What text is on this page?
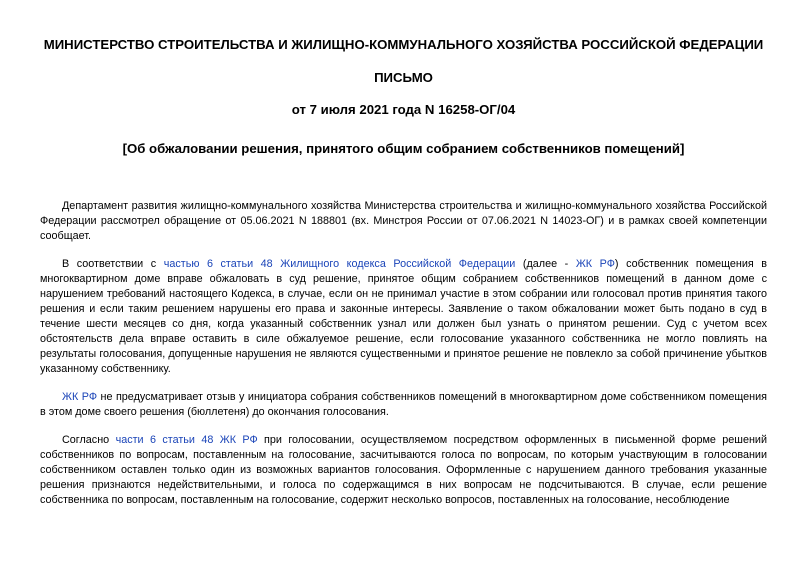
МИНИСТЕРСТВО СТРОИТЕЛЬСТВА И ЖИЛИЩНО-КОММУНАЛЬНОГО ХОЗЯЙСТВА РОССИЙСКОЙ ФЕДЕРАЦИИ

ПИСЬМО

от 7 июля 2021 года N 16258-ОГ/04

[Об обжаловании решения, принятого общим собранием собственников помещений]

Департамент развития жилищно-коммунального хозяйства Министерства строительства и жилищно-коммунального хозяйства Российской Федерации рассмотрел обращение от 05.06.2021 N 188801 (вх. Минстроя России от 07.06.2021 N 14023-ОГ) и в рамках своей компетенции сообщает.

В соответствии с частью 6 статьи 48 Жилищного кодекса Российской Федерации (далее - ЖК РФ) собственник помещения в многоквартирном доме вправе обжаловать в суд решение, принятое общим собранием собственников помещений в данном доме с нарушением требований настоящего Кодекса, в случае, если он не принимал участие в этом собрании или голосовал против принятия такого решения и если таким решением нарушены его права и законные интересы. Заявление о таком обжаловании может быть подано в суд в течение шести месяцев со дня, когда указанный собственник узнал или должен был узнать о принятом решении. Суд с учетом всех обстоятельств дела вправе оставить в силе обжалуемое решение, если голосование указанного собственника не могло повлиять на результаты голосования, допущенные нарушения не являются существенными и принятое решение не повлекло за собой причинение убытков указанному собственнику.

ЖК РФ не предусматривает отзыв у инициатора собрания собственников помещений в многоквартирном доме собственником помещения в этом доме своего решения (бюллетеня) до окончания голосования.

Согласно части 6 статьи 48 ЖК РФ при голосовании, осуществляемом посредством оформленных в письменной форме решений собственников по вопросам, поставленным на голосование, засчитываются голоса по вопросам, по которым участвующим в голосовании собственником оставлен только один из возможных вариантов голосования. Оформленные с нарушением данного требования указанные решения признаются недействительными, и голоса по содержащимся в них вопросам не подсчитываются. В случае, если решение собственника по вопросам, поставленным на голосование, содержит несколько вопросов, поставленных на голосование, несоблюдение
